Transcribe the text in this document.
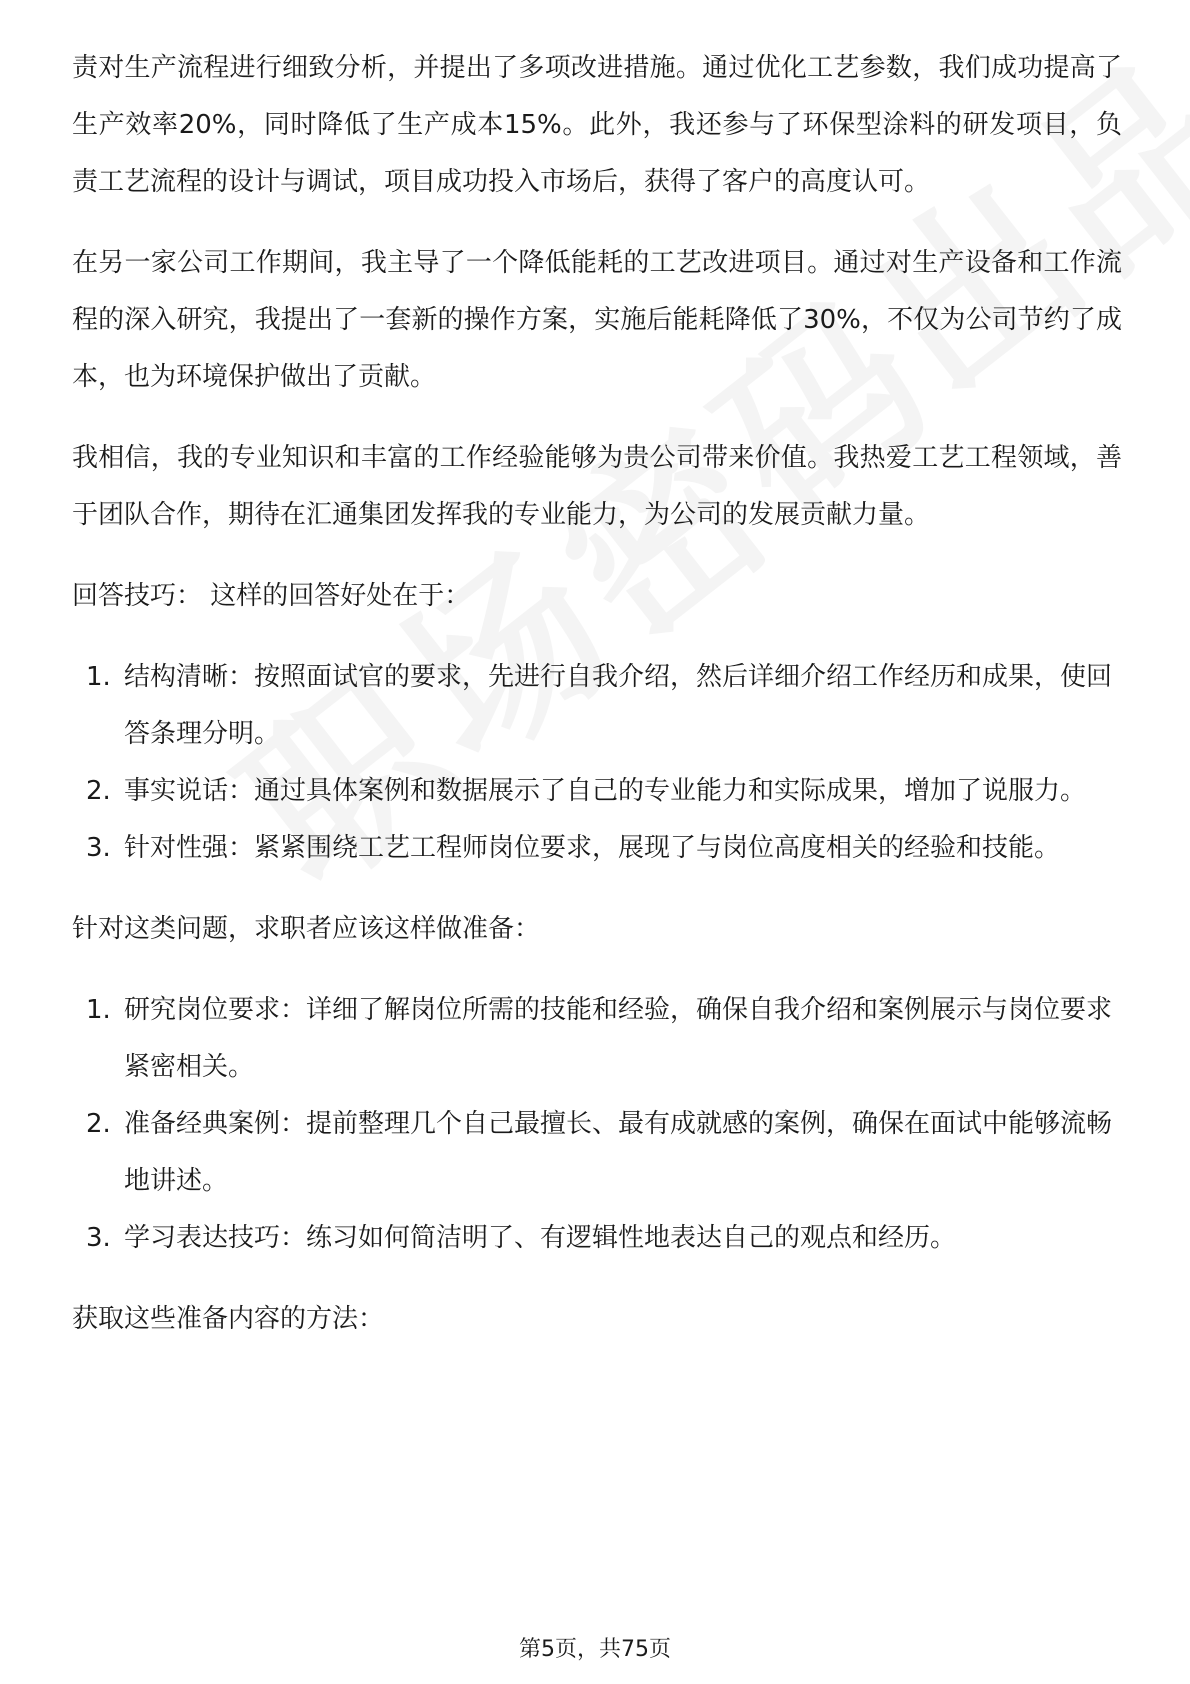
责对生产流程进行细致分析，并提出了多项改进措施。通过优化工艺参数，我们成功提高了生产效率20%，同时降低了生产成本15%。此外，我还参与了环保型涂料的研发项目，负责工艺流程的设计与调试，项目成功投入市场后，获得了客户的高度认可。

在另一家公司工作期间，我主导了一个降低能耗的工艺改进项目。通过对生产设备和工作流程的深入研究，我提出了一套新的操作方案，实施后能耗降低了30%，不仅为公司节约了成本，也为环境保护做出了贡献。

我相信，我的专业知识和丰富的工作经验能够为贵公司带来价值。我热爱工艺工程领域，善于团队合作，期待在汇通集团发挥我的专业能力，为公司的发展贡献力量。

回答技巧： 这样的回答好处在于：

1. 结构清晰：按照面试官的要求，先进行自我介绍，然后详细介绍工作经历和成果，使回答条理分明。
2. 事实说话：通过具体案例和数据展示了自己的专业能力和实际成果，增加了说服力。
3. 针对性强：紧紧围绕工艺工程师岗位要求，展现了与岗位高度相关的经验和技能。

针对这类问题，求职者应该这样做准备：

1. 研究岗位要求：详细了解岗位所需的技能和经验，确保自我介绍和案例展示与岗位要求紧密相关。
2. 准备经典案例：提前整理几个自己最擅长、最有成就感的案例，确保在面试中能够流畅地讲述。
3. 学习表达技巧：练习如何简洁明了、有逻辑性地表达自己的观点和经历。

获取这些准备内容的方法：

第5页，共75页
